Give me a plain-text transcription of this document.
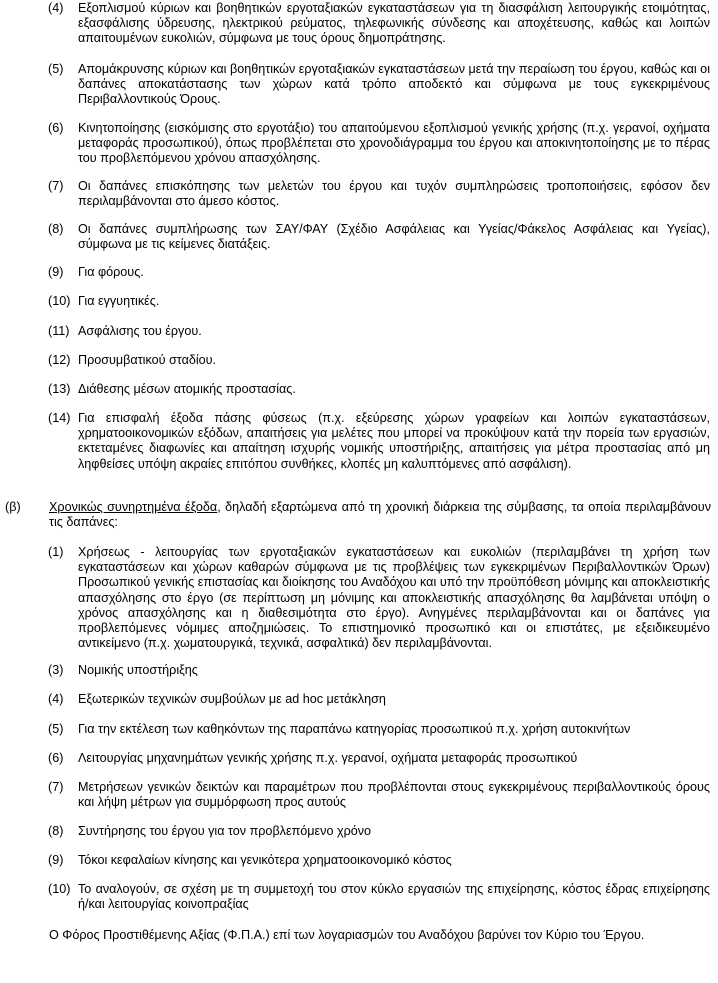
(4) Εξοπλισμού κύριων και βοηθητικών εργοταξιακών εγκαταστάσεων για τη διασφάλιση λειτουργικής ετοιμότητας, εξασφάλισης ύδρευσης, ηλεκτρικού ρεύματος, τηλεφωνικής σύνδεσης και αποχέτευσης, καθώς και λοιπών απαιτουμένων ευκολιών, σύμφωνα με τους όρους δημοπράτησης.
(5) Απομάκρυνσης κύριων και βοηθητικών εργοταξιακών εγκαταστάσεων μετά την περαίωση του έργου, καθώς και οι δαπάνες αποκατάστασης των χώρων κατά τρόπο αποδεκτό και σύμφωνα με τους εγκεκριμένους Περιβαλλοντικούς Όρους.
(6) Κινητοποίησης (εισκόμισης στο εργοτάξιο) του απαιτούμενου εξοπλισμού γενικής χρήσης (π.χ. γερανοί, οχήματα μεταφοράς προσωπικού), όπως προβλέπεται στο χρονοδιάγραμμα του έργου και αποκινητοποίησης με το πέρας του προβλεπόμενου χρόνου απασχόλησης.
(7) Οι δαπάνες επισκόπησης των μελετών του έργου και τυχόν συμπληρώσεις τροποποιήσεις, εφόσον δεν περιλαμβάνονται στο άμεσο κόστος.
(8) Οι δαπάνες συμπλήρωσης των ΣΑΥ/ΦΑΥ (Σχέδιο Ασφάλειας και Υγείας/Φάκελος Ασφάλειας και Υγείας), σύμφωνα με τις κείμενες διατάξεις.
(9) Για φόρους.
(10) Για εγγυητικές.
(11) Ασφάλισης του έργου.
(12) Προσυμβατικού σταδίου.
(13) Διάθεσης μέσων ατομικής προστασίας.
(14) Για επισφαλή έξοδα πάσης φύσεως (π.χ. εξεύρεσης χώρων γραφείων και λοιπών εγκαταστάσεων, χρηματοοικονομικών εξόδων, απαιτήσεις για μελέτες που μπορεί να προκύψουν κατά την πορεία των εργασιών, εκτεταμένες διαφωνίες και απαίτηση ισχυρής νομικής υποστήριξης, απαιτήσεις για μέτρα προστασίας από μη ληφθείσες υπόψη ακραίες επιτόπου συνθήκες, κλοπές μη καλυπτόμενες από ασφάλιση).
(β) Χρονικώς συνηρτημένα έξοδα, δηλαδή εξαρτώμενα από τη χρονική διάρκεια της σύμβασης, τα οποία περιλαμβάνουν τις δαπάνες:
(1) Χρήσεως - λειτουργίας των εργοταξιακών εγκαταστάσεων και ευκολιών (περιλαμβάνει τη χρήση των εγκαταστάσεων και χώρων καθαρών σύμφωνα με τις προβλέψεις των εγκεκριμένων Περιβαλλοντικών Όρων) Προσωπικού γενικής επιστασίας και διοίκησης του Αναδόχου και υπό την προϋπόθεση μόνιμης και αποκλειστικής απασχόλησης στο έργο (σε περίπτωση μη μόνιμης και αποκλειστικής απασχόλησης θα λαμβάνεται υπόψη ο χρόνος απασχόλησης και η διαθεσιμότητα στο έργο). Ανηγμένες περιλαμβάνονται και οι δαπάνες για προβλεπόμενες νόμιμες αποζημιώσεις. Το επιστημονικό προσωπικό και οι επιστάτες, με εξειδικευμένο αντικείμενο (π.χ. χωματουργικά, τεχνικά, ασφαλτικά) δεν περιλαμβάνονται.
(3) Νομικής υποστήριξης
(4) Εξωτερικών τεχνικών συμβούλων με ad hoc μετάκληση
(5) Για την εκτέλεση των καθηκόντων της παραπάνω κατηγορίας προσωπικού π.χ. χρήση αυτοκινήτων
(6) Λειτουργίας μηχανημάτων γενικής χρήσης π.χ. γερανοί, οχήματα μεταφοράς προσωπικού
(7) Μετρήσεων γενικών δεικτών και παραμέτρων που προβλέπονται στους εγκεκριμένους περιβαλλοντικούς όρους και λήψη μέτρων για συμμόρφωση προς αυτούς
(8) Συντήρησης του έργου για τον προβλεπόμενο χρόνο
(9) Τόκοι κεφαλαίων κίνησης και γενικότερα χρηματοοικονομικό κόστος
(10) Το αναλογούν, σε σχέση με τη συμμετοχή του στον κύκλο εργασιών της επιχείρησης, κόστος έδρας επιχείρησης ή/και λειτουργίας κοινοπραξίας
Ο Φόρος Προστιθέμενης Αξίας (Φ.Π.Α.) επί των λογαριασμών του Αναδόχου βαρύνει τον Κύριο του Έργου.
